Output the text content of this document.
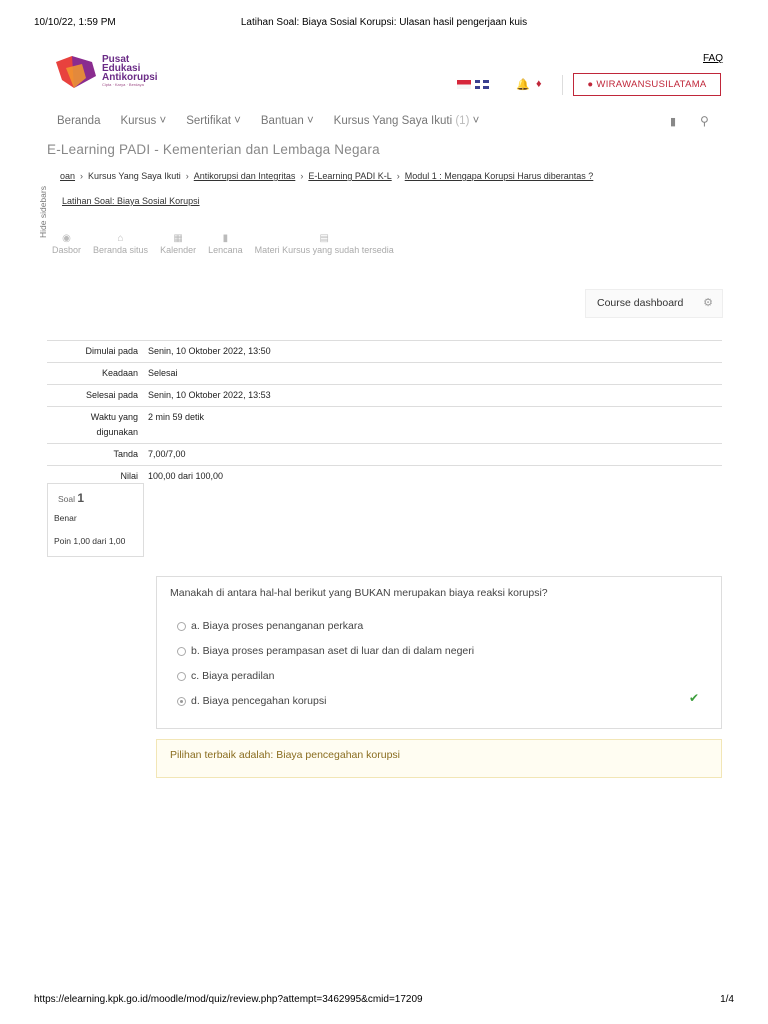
10/10/22, 1:59 PM	Latihan Soal: Biaya Sosial Korupsi: Ulasan hasil pengerjaan kuis
Pusat
Edukasi
Antikorupsi
Cipta · Karya · Berdaya
FAQ
🔔 ♦	● WIRAWANSUSILATAMA
Beranda Kursus ˅ Sertifikat ˅ Bantuan ˅ Kursus Yang Saya Ikuti (1) ˅	▮ ⚲
E-Learning PADI - Kementerian dan Lembaga Negara
Hide sidebars
oan › Kursus Yang Saya Ikuti › Antikorupsi dan Integritas › E-Learning PADI K-L › Modul 1 : Mengapa Korupsi Harus diberantas ?
Latihan Soal: Biaya Sosial Korupsi
◉
Dasbor
⌂
Beranda situs
▦
Kalender
▮
Lencana
▤
Materi Kursus yang sudah tersedia
Course dashboard ⚙
Dimulai pada	Senin, 10 Oktober 2022, 13:50
Keadaan	Selesai
Selesai pada	Senin, 10 Oktober 2022, 13:53
Waktu yang digunakan	2 min 59 detik
Tanda	7,00/7,00
Nilai	100,00 dari 100,00
Soal 1
Benar
Poin 1,00 dari 1,00
Manakah di antara hal-hal berikut yang BUKAN merupakan biaya reaksi korupsi?
a. Biaya proses penanganan perkara
b. Biaya proses perampasan aset di luar dan di dalam negeri
c. Biaya peradilan
d. Biaya pencegahan korupsi	✔
Pilihan terbaik adalah: Biaya pencegahan korupsi
https://elearning.kpk.go.id/moodle/mod/quiz/review.php?attempt=3462995&cmid=17209	1/4
